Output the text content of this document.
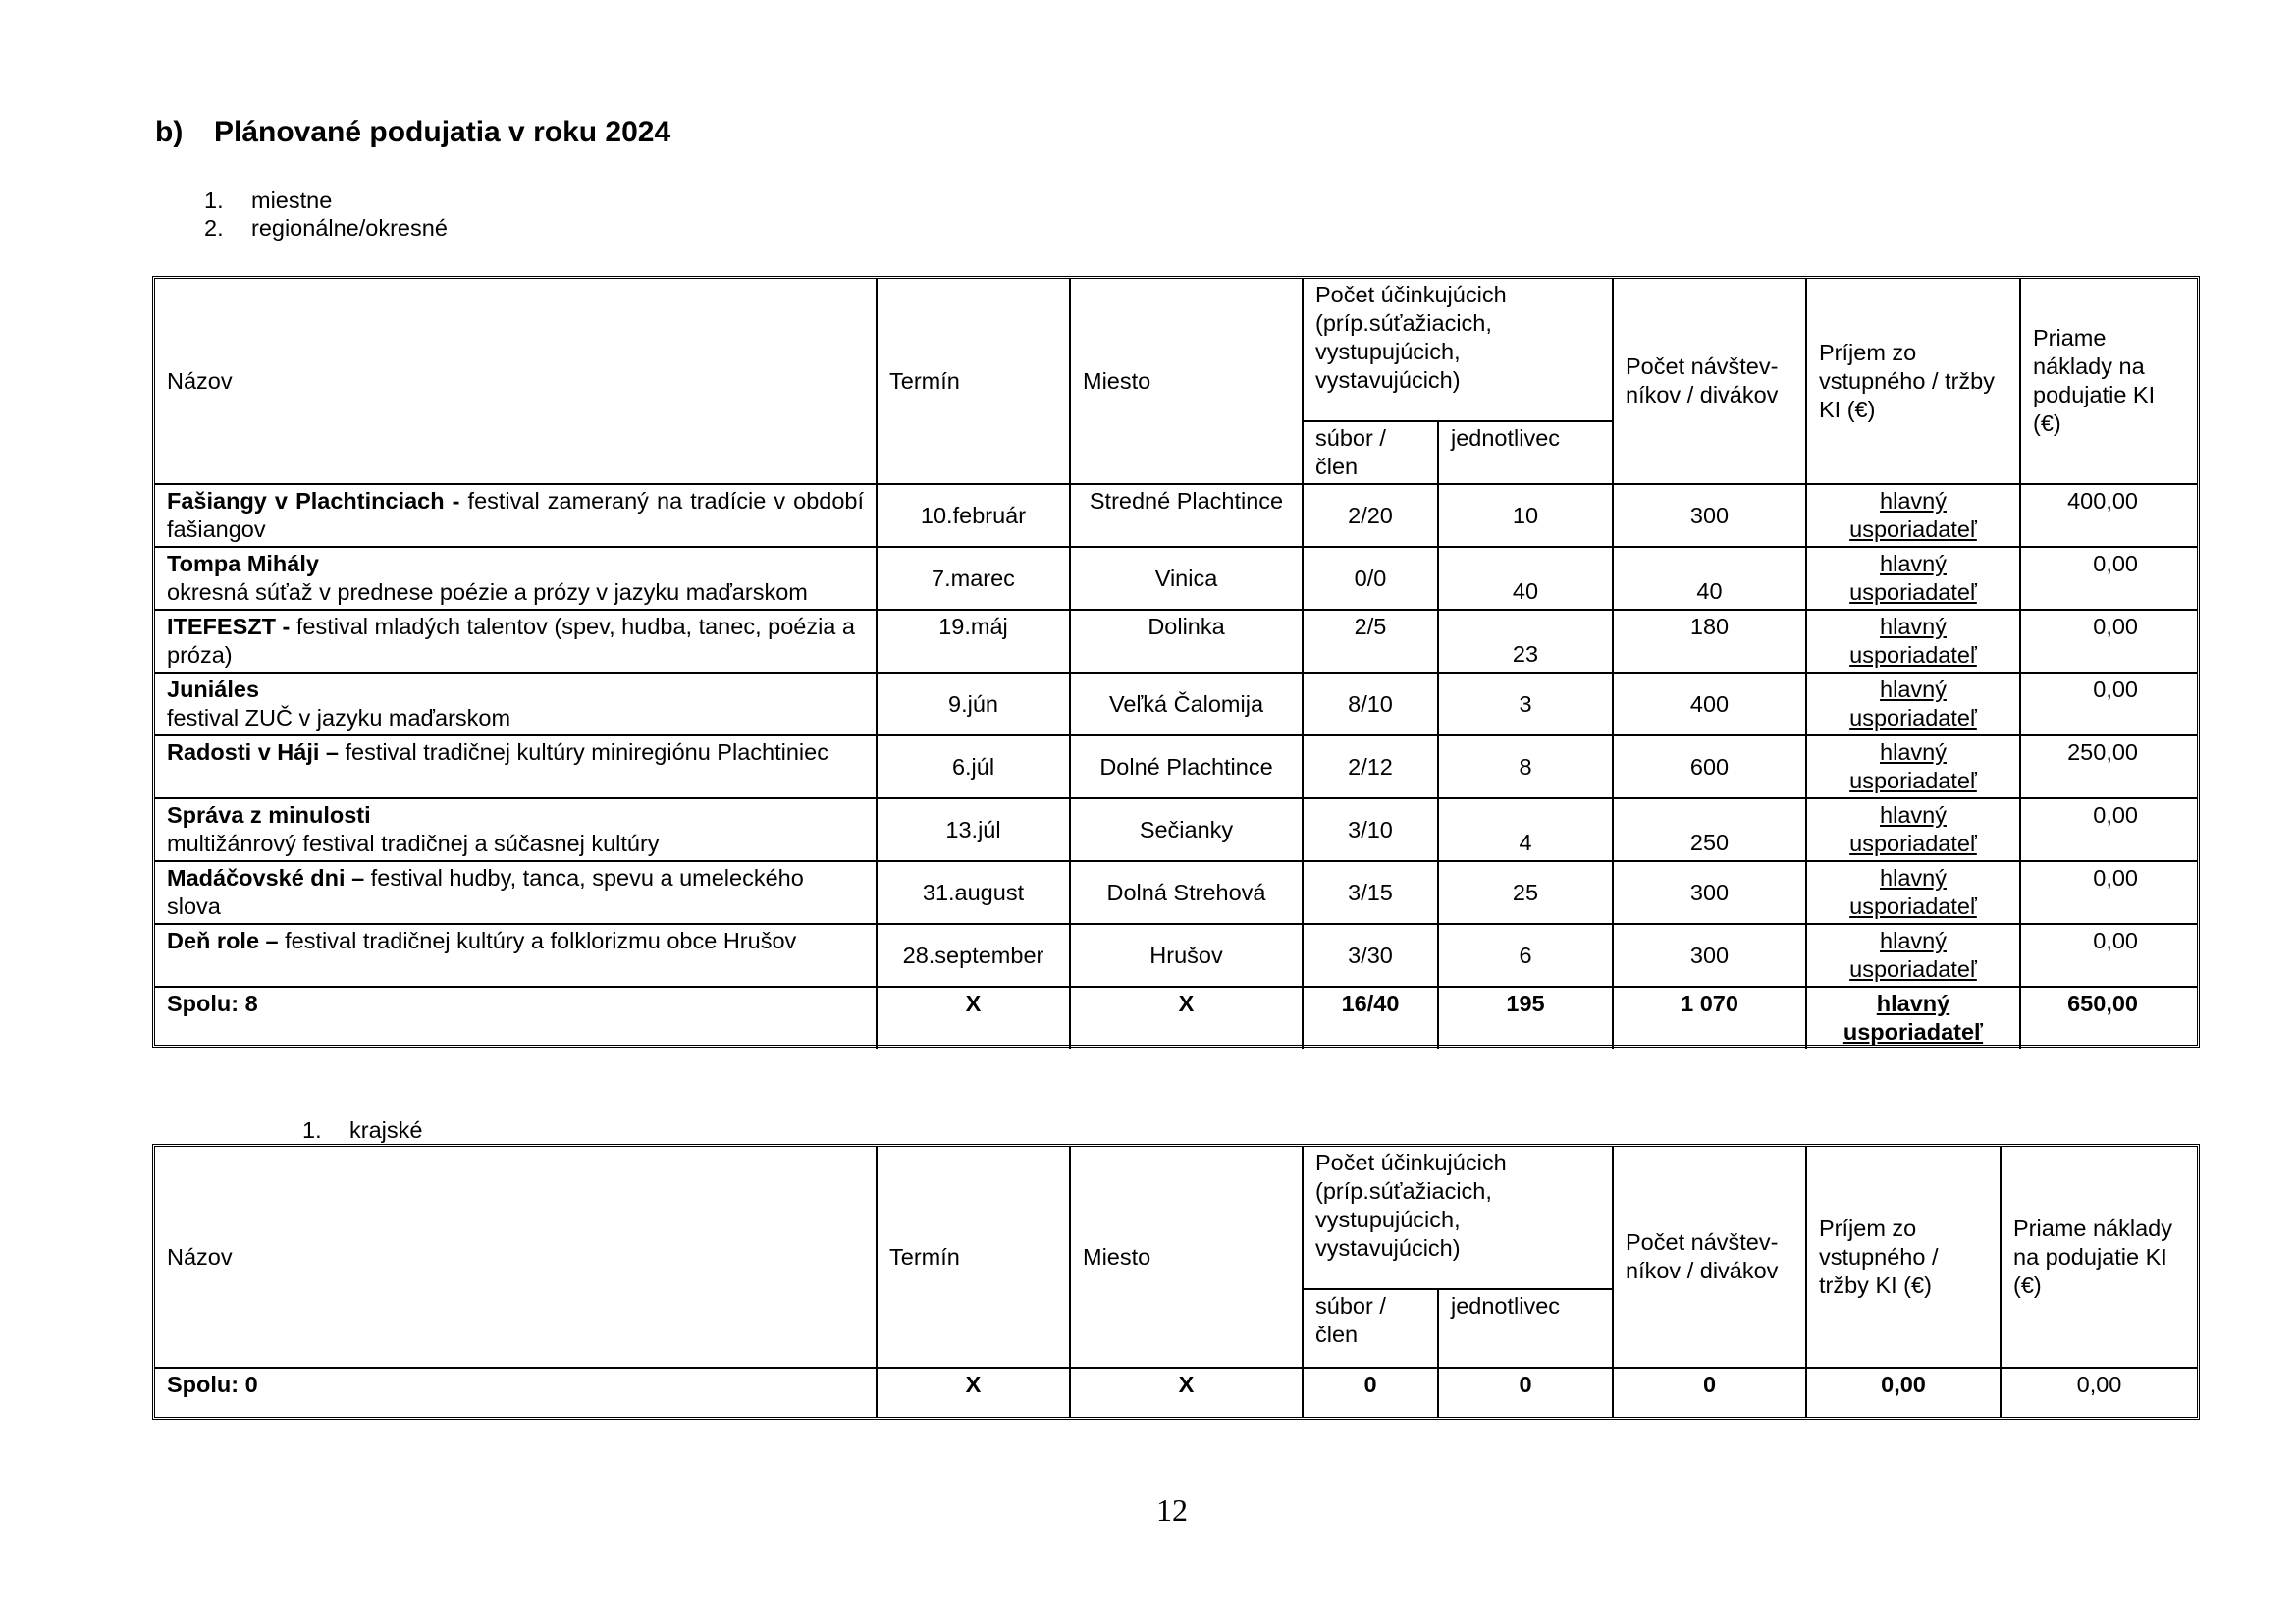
b) Plánované podujatia v roku 2024
1. miestne
2. regionálne/okresné
Názov	Termín	Miesto	Počet účinkujúcich (príp.súťažiacich, vystupujúcich, vystavujúcich)		Počet návštev-níkov / divákov	Príjem zo vstupného / tržby KI (€)	Priame náklady na podujatie KI (€)
			súbor / člen	jednotlivec			
Fašiangy v Plachtinciach - festival zameraný na tradície v období fašiangov	10.február	Stredné Plachtince	2/20	10	300	hlavný usporiadateľ	400,00
Tompa Mihály
okresná súťaž v prednese poézie a prózy v jazyku maďarskom	7.marec	Vinica	0/0	40	40	hlavný usporiadateľ	0,00
ITEFESZT - festival mladých talentov (spev, hudba, tanec, poézia a próza)	19.máj	Dolinka	2/5	23	180	hlavný usporiadateľ	0,00
Juniáles
festival ZUČ v jazyku maďarskom	9.jún	Veľká Čalomija	8/10	3	400	hlavný usporiadateľ	0,00
Radosti v Háji – festival tradičnej kultúry miniregiónu Plachtiniec	6.júl	Dolné Plachtince	2/12	8	600	hlavný usporiadateľ	250,00
Správa z minulosti
multižánrový festival tradičnej a súčasnej kultúry	13.júl	Sečianky	3/10	4	250	hlavný usporiadateľ	0,00
Madáčovské dni – festival hudby, tanca, spevu a umeleckého slova	31.august	Dolná Strehová	3/15	25	300	hlavný usporiadateľ	0,00
Deň role – festival tradičnej kultúry a folklorizmu obce Hrušov	28.september	Hrušov	3/30	6	300	hlavný usporiadateľ	0,00
Spolu: 8	X	X	16/40	195	1 070	hlavný usporiadateľ	650,00
1. krajské
Názov	Termín	Miesto	Počet účinkujúcich (príp.súťažiacich, vystupujúcich, vystavujúcich)		Počet návštev-níkov / divákov	Príjem zo vstupného / tržby KI (€)	Priame náklady na podujatie KI (€)
			súbor / člen	jednotlivec			
Spolu: 0	X	X	0	0	0	0,00	0,00
12
